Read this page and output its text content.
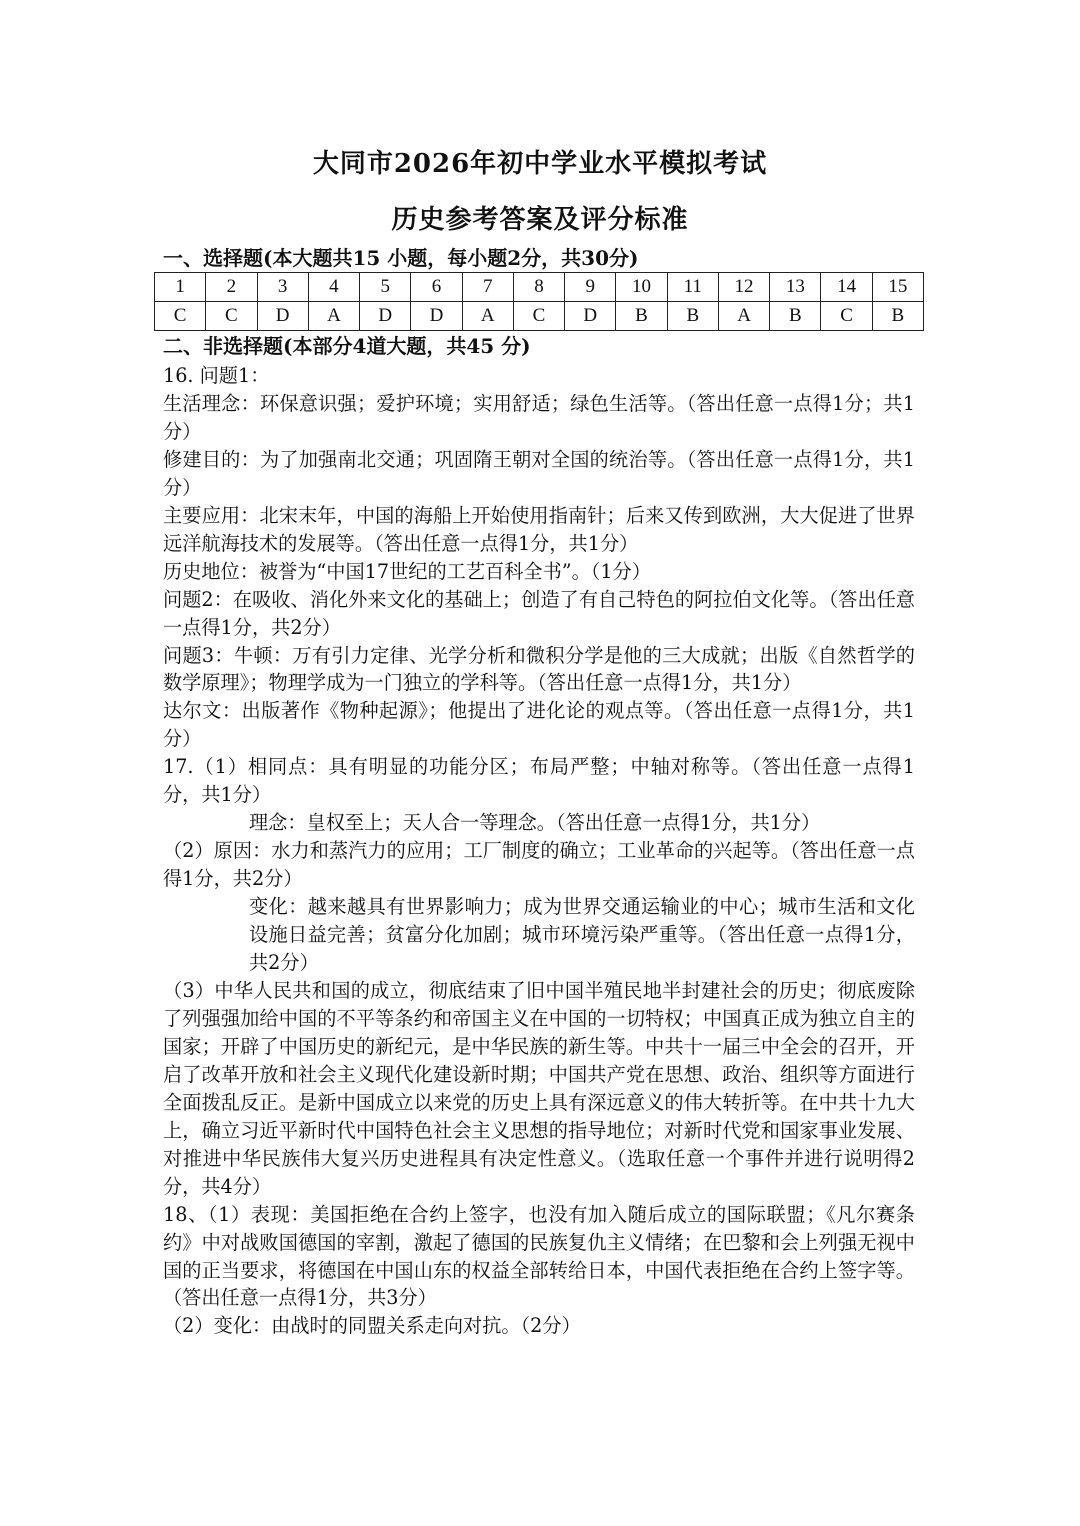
大同市2026年初中学业水平模拟考试
历史参考答案及评分标准
一、选择题(本大题共15 小题，每小题2分，共30分)
1	2	3	4	5	6	7	8	9	10	11	12	13	14	15
C	C	D	A	D	D	A	C	D	B	B	A	B	C	B
二、非选择题(本部分4道大题，共45 分)

16. 问题1：

生活理念：环保意识强；爱护环境；实用舒适；绿色生活等。（答出任意一点得1分；共1分）

修建目的：为了加强南北交通；巩固隋王朝对全国的统治等。（答出任意一点得1分，共1分）

主要应用：北宋末年，中国的海船上开始使用指南针；后来又传到欧洲，大大促进了世界远洋航海技术的发展等。（答出任意一点得1分，共1分）

历史地位：被誉为“中国17世纪的工艺百科全书”。（1分）

问题2：在吸收、消化外来文化的基础上；创造了有自己特色的阿拉伯文化等。（答出任意一点得1分，共2分）

问题3：牛顿：万有引力定律、光学分析和微积分学是他的三大成就；出版《自然哲学的数学原理》；物理学成为一门独立的学科等。（答出任意一点得1分，共1分）

达尔文：出版著作《物种起源》；他提出了进化论的观点等。（答出任意一点得1分，共1分）

17.（1）相同点：具有明显的功能分区；布局严整；中轴对称等。（答出任意一点得1分，共1分）

理念：皇权至上；天人合一等理念。（答出任意一点得1分，共1分）

（2）原因：水力和蒸汽力的应用；工厂制度的确立；工业革命的兴起等。（答出任意一点得1分，共2分）

变化：越来越具有世界影响力；成为世界交通运输业的中心；城市生活和文化设施日益完善；贫富分化加剧；城市环境污染严重等。（答出任意一点得1分，共2分）

（3）中华人民共和国的成立，彻底结束了旧中国半殖民地半封建社会的历史；彻底废除了列强强加给中国的不平等条约和帝国主义在中国的一切特权；中国真正成为独立自主的国家；开辟了中国历史的新纪元，是中华民族的新生等。中共十一届三中全会的召开，开启了改革开放和社会主义现代化建设新时期；中国共产党在思想、政治、组织等方面进行全面拨乱反正。是新中国成立以来党的历史上具有深远意义的伟大转折等。在中共十九大上，确立习近平新时代中国特色社会主义思想的指导地位；对新时代党和国家事业发展、对推进中华民族伟大复兴历史进程具有决定性意义。（选取任意一个事件并进行说明得2分，共4分）

18、（1）表现：美国拒绝在合约上签字，也没有加入随后成立的国际联盟；《凡尔赛条约》中对战败国德国的宰割，激起了德国的民族复仇主义情绪；在巴黎和会上列强无视中国的正当要求，将德国在中国山东的权益全部转给日本，中国代表拒绝在合约上签字等。（答出任意一点得1分，共3分）

（2）变化：由战时的同盟关系走向对抗。（2分）
